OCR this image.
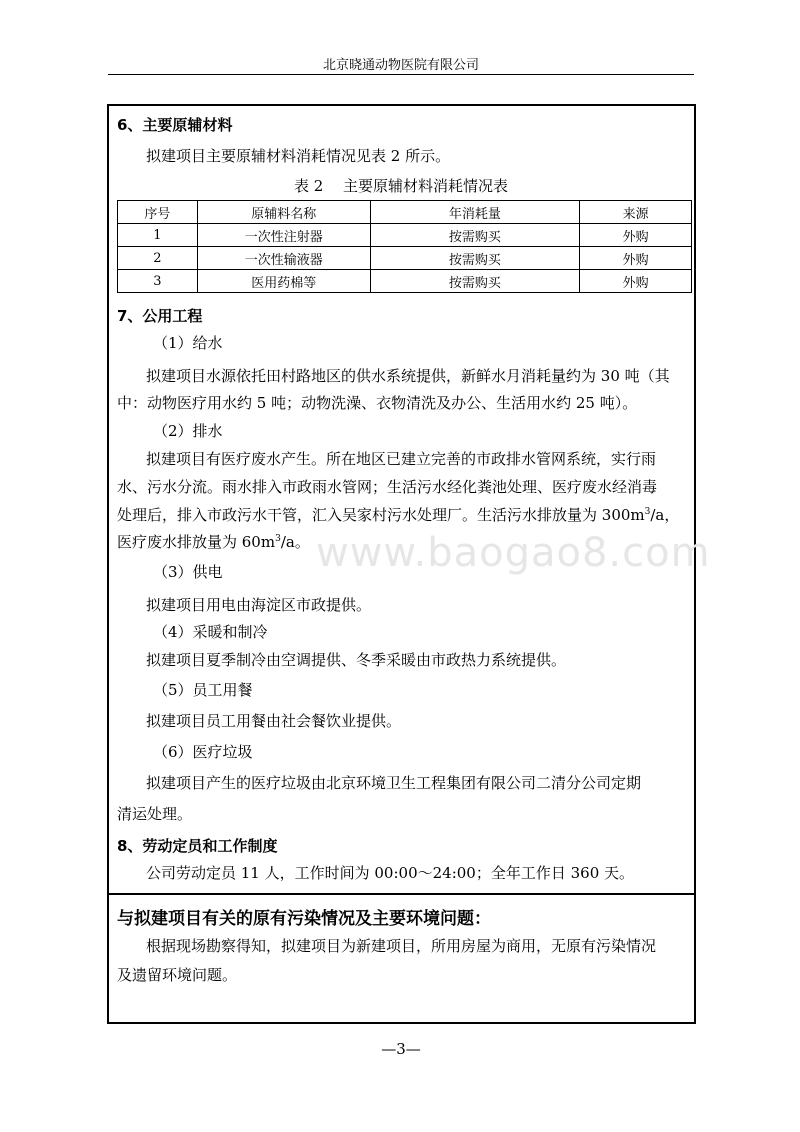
北京晓通动物医院有限公司
6、主要原辅材料
拟建项目主要原辅材料消耗情况见表 2 所示。
表 2　 主要原辅材料消耗情况表
序号	原辅料名称	年消耗量	来源
1	一次性注射器	按需购买	外购
2	一次性输液器	按需购买	外购
3	医用药棉等	按需购买	外购
7、公用工程
（1）给水
拟建项目水源依托田村路地区的供水系统提供，新鲜水月消耗量约为 30 吨（其
中：动物医疗用水约 5 吨；动物洗澡、衣物清洗及办公、生活用水约 25 吨）。
（2）排水
拟建项目有医疗废水产生。所在地区已建立完善的市政排水管网系统，实行雨
水、污水分流。雨水排入市政雨水管网；生活污水经化粪池处理、医疗废水经消毒
处理后，排入市政污水干管，汇入吴家村污水处理厂。生活污水排放量为 $300m^3/a$，
医疗废水排放量为 $60m^3/a$。 www.baogao8.com
（3）供电
拟建项目用电由海淀区市政提供。
（4）采暖和制冷
拟建项目夏季制冷由空调提供、冬季采暖由市政热力系统提供。
（5）员工用餐
拟建项目员工用餐由社会餐饮业提供。
（6）医疗垃圾
拟建项目产生的医疗垃圾由北京环境卫生工程集团有限公司二清分公司定期
清运处理。
8、劳动定员和工作制度
公司劳动定员 11 人，工作时间为 00:00～24:00；全年工作日 360 天。
与拟建项目有关的原有污染情况及主要环境问题：
根据现场勘察得知，拟建项目为新建项目，所用房屋为商用，无原有污染情况
及遗留环境问题。
—3—
